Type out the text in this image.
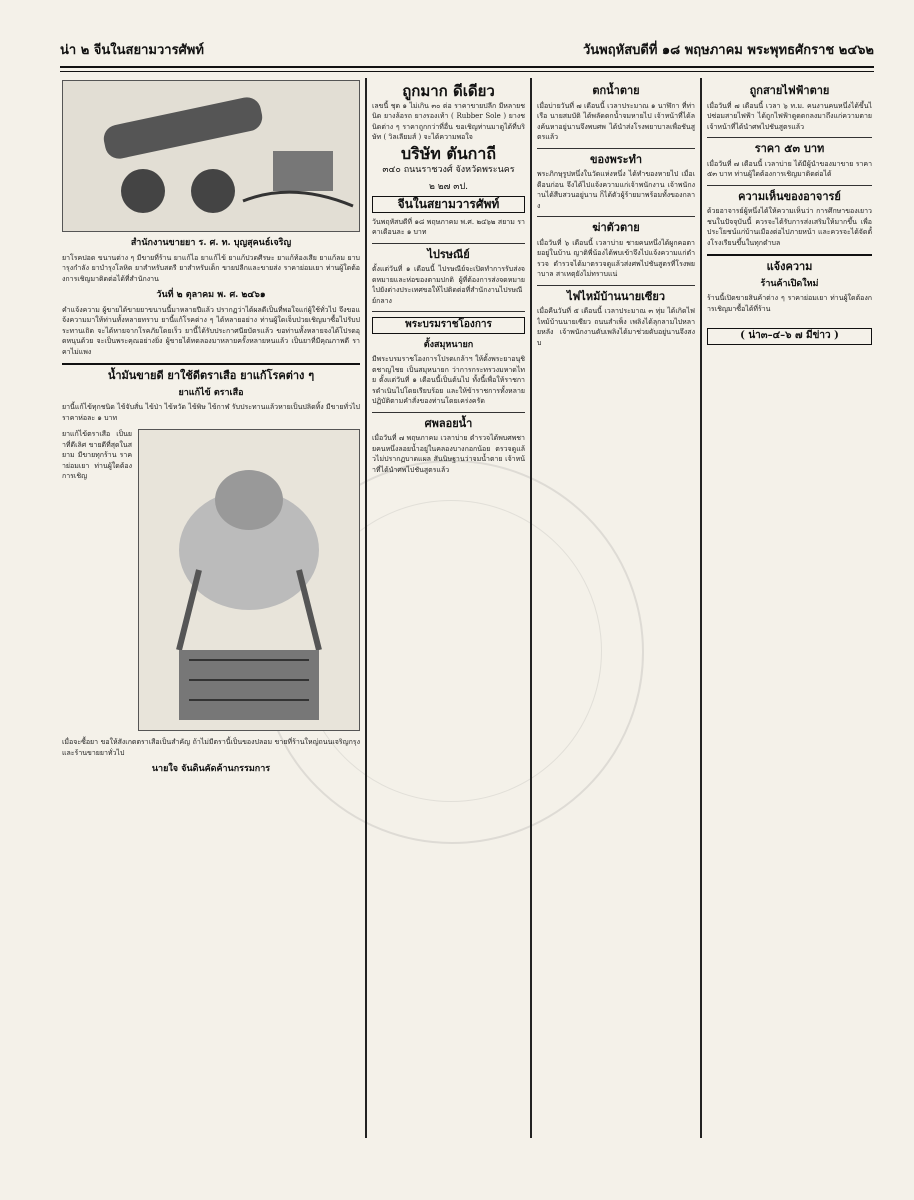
น่า ๒ จีนในสยามวารศัพท์	วันพฤหัสบดีที่ ๑๘ พฤษภาคม พระพุทธศักราช ๒๔๖๒
สำนักงานขายยา ร. ศ. ท. บุญสุคนธ์เจริญ
ยาโรคปอด ขนานต่าง ๆ มีขายที่ร้าน ยาแก้ไอ ยาแก้ไข้ ยาแก้ปวดศีรษะ ยาแก้ท้องเสีย ยาแก้ลม ยาบำรุงกำลัง ยาบำรุงโลหิต ยาสำหรับสตรี ยาสำหรับเด็ก ขายปลีกและขายส่ง ราคาย่อมเยา ท่านผู้ใดต้องการเชิญมาติดต่อได้ที่สำนักงาน
วันที่ ๒ ตุลาคม พ. ศ. ๒๔๖๑
คำแจ้งความ ผู้ขายได้ขายยาขนานนี้มาหลายปีแล้ว ปรากฏว่าได้ผลดีเป็นที่พอใจแก่ผู้ใช้ทั่วไป จึงขอแจ้งความมาให้ท่านทั้งหลายทราบ ยานี้แก้โรคต่าง ๆ ได้หลายอย่าง ท่านผู้ใดเจ็บป่วยเชิญมาซื้อไปรับประทานเถิด จะได้หายจากโรคภัยโดยเร็ว ยานี้ได้รับประกาศนียบัตรแล้ว ขอท่านทั้งหลายจงได้โปรดอุดหนุนด้วย จะเป็นพระคุณอย่างยิ่ง ผู้ขายได้ทดลองมาหลายครั้งหลายหนแล้ว เป็นยาที่มีคุณภาพดี ราคาไม่แพง
น้ำมันขายดี ยาใช้ดีตราเสือ ยาแก้โรคต่าง ๆ
ยาแก้ไข้ ตราเสือ
ยานี้แก้ไข้ทุกชนิด ไข้จับสั่น ไข้ป่า ไข้หวัด ไข้พิษ ไข้กาฬ รับประทานแล้วหายเป็นปลิดทิ้ง มีขายทั่วไป ราคาห่อละ ๑ บาท
ยาแก้ไข้ตราเสือ เป็นยาที่ดีเลิศ ขายดีที่สุดในสยาม มีขายทุกร้าน ราคาย่อมเยา ท่านผู้ใดต้องการเชิญ
เมื่อจะซื้อยา ขอให้สังเกตตราเสือเป็นสำคัญ ถ้าไม่มีตรานี้เป็นของปลอม ขายที่ร้านใหญ่ถนนเจริญกรุง และร้านขายยาทั่วไป
นายใจ จันดินคัดค้านกรรมการ
ถูกมาก ดีเดียว
เลขนี้ ชุด ๑ ไม่เกิน ๓๐ ต่อ ราคาขายปลีก มีหลายชนิด ยางล้อรถ ยางรองเท้า ( Rubber Sole ) ยางชนิดต่าง ๆ ราคาถูกกว่าที่อื่น ขอเชิญท่านมาดูได้ที่บริษัท ( วิลเลียมส์ ) จะได้ความพอใจ
บริษัท ตันกาถี
๓๔๐ ถนนราชวงศ์ จังหวัดพระนคร
๒ ๒๗ ๓ป.
จีนในสยามวารศัพท์
วันพฤหัสบดีที่ ๑๘ พฤษภาคม พ.ศ. ๒๔๖๒ สยาม ราคาเดือนละ ๑ บาท
ไปรษณีย์
ตั้งแต่วันที่ ๑ เดือนนี้ ไปรษณีย์จะเปิดทำการรับส่งจดหมายและห่อของตามปกติ ผู้ที่ต้องการส่งจดหมายไปยังต่างประเทศขอให้ไปติดต่อที่สำนักงานไปรษณีย์กลาง
พระบรมราชโองการ
ตั้งสมุหนายก
มีพระบรมราชโองการโปรดเกล้าฯ ให้ตั้งพระยาอนุชิตชาญไชย เป็นสมุหนายก ว่าการกระทรวงมหาดไทย ตั้งแต่วันที่ ๑ เดือนนี้เป็นต้นไป ทั้งนี้เพื่อให้ราชการดำเนินไปโดยเรียบร้อย และให้ข้าราชการทั้งหลายปฏิบัติตามคำสั่งของท่านโดยเคร่งครัด
ศพลอยน้ำ
เมื่อวันที่ ๗ พฤษภาคม เวลาบ่าย ตำรวจได้พบศพชายคนหนึ่งลอยน้ำอยู่ในคลองบางกอกน้อย ตรวจดูแล้วไม่ปรากฏบาดแผล สันนิษฐานว่าจมน้ำตาย เจ้าหน้าที่ได้นำศพไปชันสูตรแล้ว
ตกน้ำตาย
เมื่อบ่ายวันที่ ๗ เดือนนี้ เวลาประมาณ ๑ นาฬิกา ที่ท่าเรือ นายสมบัติ ได้พลัดตกน้ำจมหายไป เจ้าหน้าที่ได้ลงค้นหาอยู่นานจึงพบศพ ได้นำส่งโรงพยาบาลเพื่อชันสูตรแล้ว
ของพระทำ
พระภิกษุรูปหนึ่งในวัดแห่งหนึ่ง ได้ทำของหายไป เมื่อเดือนก่อน จึงได้ไปแจ้งความแก่เจ้าพนักงาน เจ้าพนักงานได้สืบสวนอยู่นาน ก็ได้ตัวผู้ร้ายมาพร้อมทั้งของกลาง
ฆ่าตัวตาย
เมื่อวันที่ ๖ เดือนนี้ เวลาบ่าย ชายคนหนึ่งได้ผูกคอตายอยู่ในบ้าน ญาติพี่น้องได้พบเข้าจึงไปแจ้งความแก่ตำรวจ ตำรวจได้มาตรวจดูแล้วส่งศพไปชันสูตรที่โรงพยาบาล สาเหตุยังไม่ทราบแน่
ไฟไหม้บ้านนายเซียว
เมื่อคืนวันที่ ๕ เดือนนี้ เวลาประมาณ ๓ ทุ่ม ได้เกิดไฟไหม้บ้านนายเซียว ถนนสำเพ็ง เพลิงได้ลุกลามไปหลายหลัง เจ้าพนักงานดับเพลิงได้มาช่วยดับอยู่นานจึงสงบ
ถูกสายไฟฟ้าตาย
เมื่อวันที่ ๗ เดือนนี้ เวลา ๖ ท.ม. คนงานคนหนึ่งได้ขึ้นไปซ่อมสายไฟฟ้า ได้ถูกไฟฟ้าดูดตกลงมาถึงแก่ความตาย เจ้าหน้าที่ได้นำศพไปชันสูตรแล้ว
ราคา ๕๓ บาท
เมื่อวันที่ ๗ เดือนนี้ เวลาบ่าย ได้มีผู้นำของมาขาย ราคา ๕๓ บาท ท่านผู้ใดต้องการเชิญมาติดต่อได้
ความเห็นของอาจารย์
ด้วยอาจารย์ผู้หนึ่งได้ให้ความเห็นว่า การศึกษาของเยาวชนในปัจจุบันนี้ ควรจะได้รับการส่งเสริมให้มากขึ้น เพื่อประโยชน์แก่บ้านเมืองต่อไปภายหน้า และควรจะได้จัดตั้งโรงเรียนขึ้นในทุกตำบล
แจ้งความ
ร้านค้าเปิดใหม่
ร้านนี้เปิดขายสินค้าต่าง ๆ ราคาย่อมเยา ท่านผู้ใดต้องการเชิญมาซื้อได้ที่ร้าน
( น่า๓–๔–๖ ๗ มีข่าว )
